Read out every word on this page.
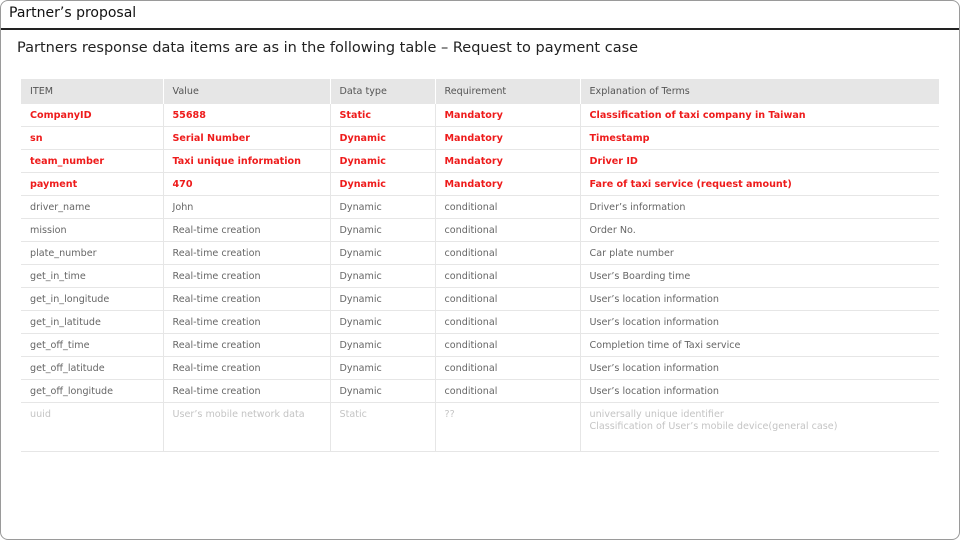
Partner’s proposal
Partners response data items are as in the following table – Request to payment case
ITEM	Value	Data type	Requirement	Explanation of Terms
CompanyID	55688	Static	Mandatory	Classification of taxi company in Taiwan
sn	Serial Number	Dynamic	Mandatory	Timestamp
team_number	Taxi unique information	Dynamic	Mandatory	Driver ID
payment	470	Dynamic	Mandatory	Fare of taxi service (request amount)
driver_name	John	Dynamic	conditional	Driver’s information
mission	Real-time creation	Dynamic	conditional	Order No.
plate_number	Real-time creation	Dynamic	conditional	Car plate number
get_in_time	Real-time creation	Dynamic	conditional	User’s Boarding time
get_in_longitude	Real-time creation	Dynamic	conditional	User’s location information
get_in_latitude	Real-time creation	Dynamic	conditional	User’s location information
get_off_time	Real-time creation	Dynamic	conditional	Completion time of Taxi service
get_off_latitude	Real-time creation	Dynamic	conditional	User’s location information
get_off_longitude	Real-time creation	Dynamic	conditional	User’s location information
uuid	User’s mobile network data	Static	??	universally unique identifier
Classification of User’s mobile device(general case)
